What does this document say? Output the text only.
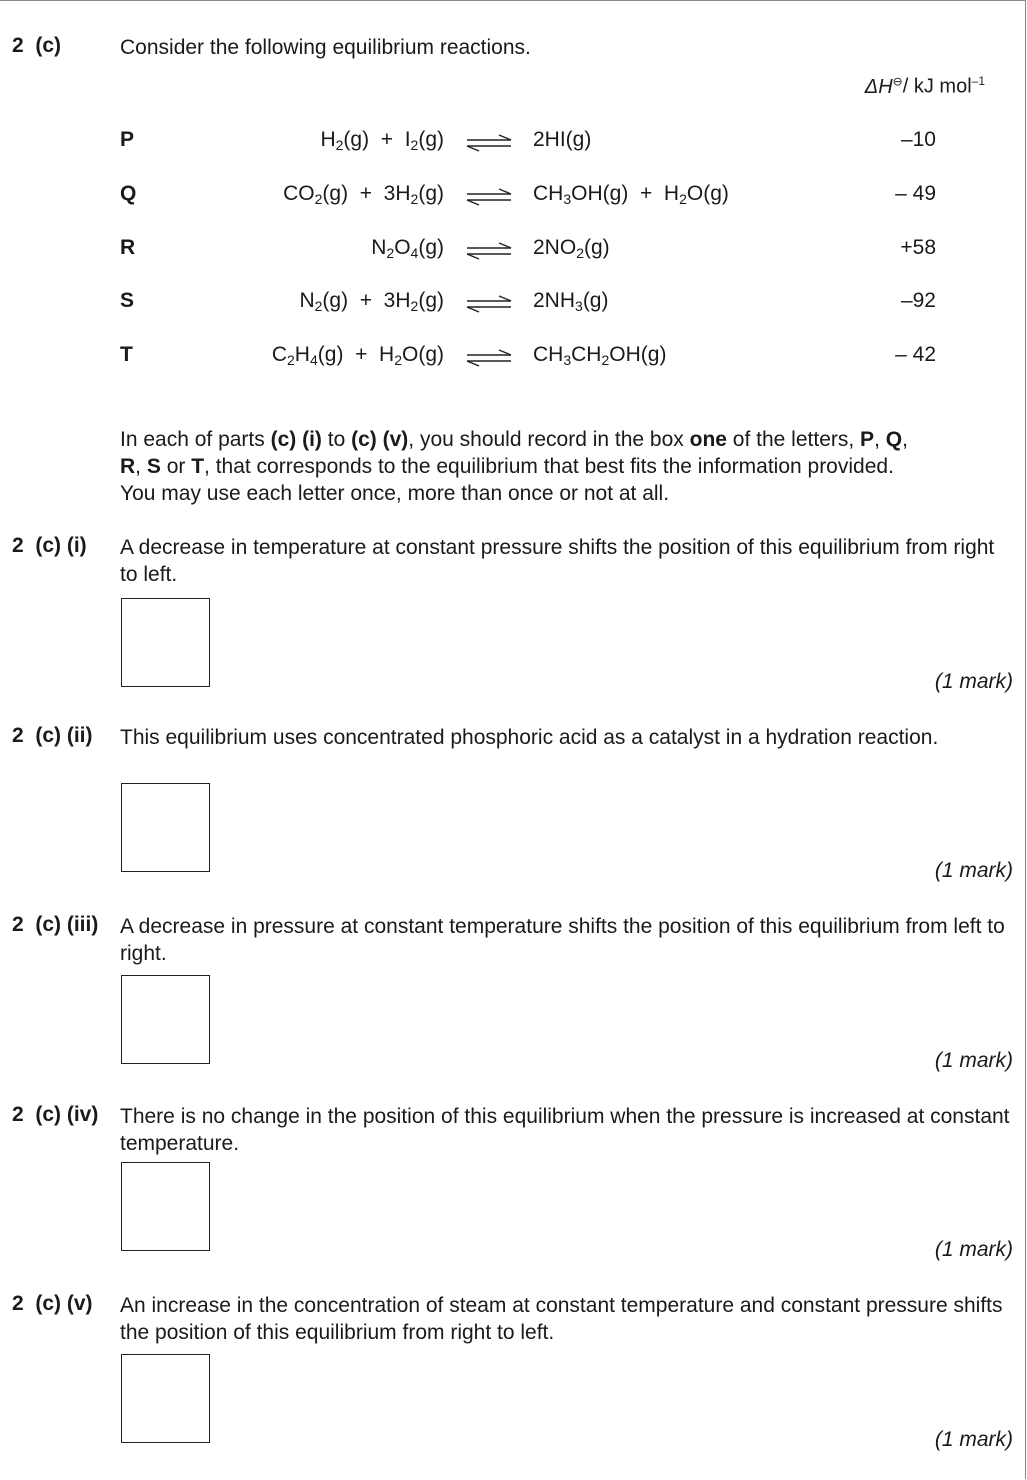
2  (c)	Consider the following equilibrium reactions.
ΔH⊖/ kJ mol$^{-1}$
P	$H_2(g) + I_2(g)$ ⇌ 2HI(g)	–10
Q	$CO_2(g) + 3H_2(g)$ ⇌ $CH_3OH(g) + H_2O(g)$	– 49
R	$N_2O_4(g)$ ⇌ $2NO_2(g)$	+58
S	$N_2(g) + 3H_2(g)$ ⇌ $2NH_3(g)$	–92
T	$C_2H_4(g) + H_2O(g)$ ⇌ $CH_3CH_2OH(g)$	– 42
In each of parts (c) (i) to (c) (v), you should record in the box one of the letters, P, Q,
R, S or T, that corresponds to the equilibrium that best fits the information provided.
You may use each letter once, more than once or not at all.
2  (c) (i) A decrease in temperature at constant pressure shifts the position of this equilibrium from right to left.
(1 mark)
2  (c) (ii) This equilibrium uses concentrated phosphoric acid as a catalyst in a hydration reaction.
(1 mark)
2  (c) (iii) A decrease in pressure at constant temperature shifts the position of this equilibrium from left to right.
(1 mark)
2  (c) (iv) There is no change in the position of this equilibrium when the pressure is increased at constant temperature.
(1 mark)
2  (c) (v) An increase in the concentration of steam at constant temperature and constant pressure shifts the position of this equilibrium from right to left.
(1 mark)
